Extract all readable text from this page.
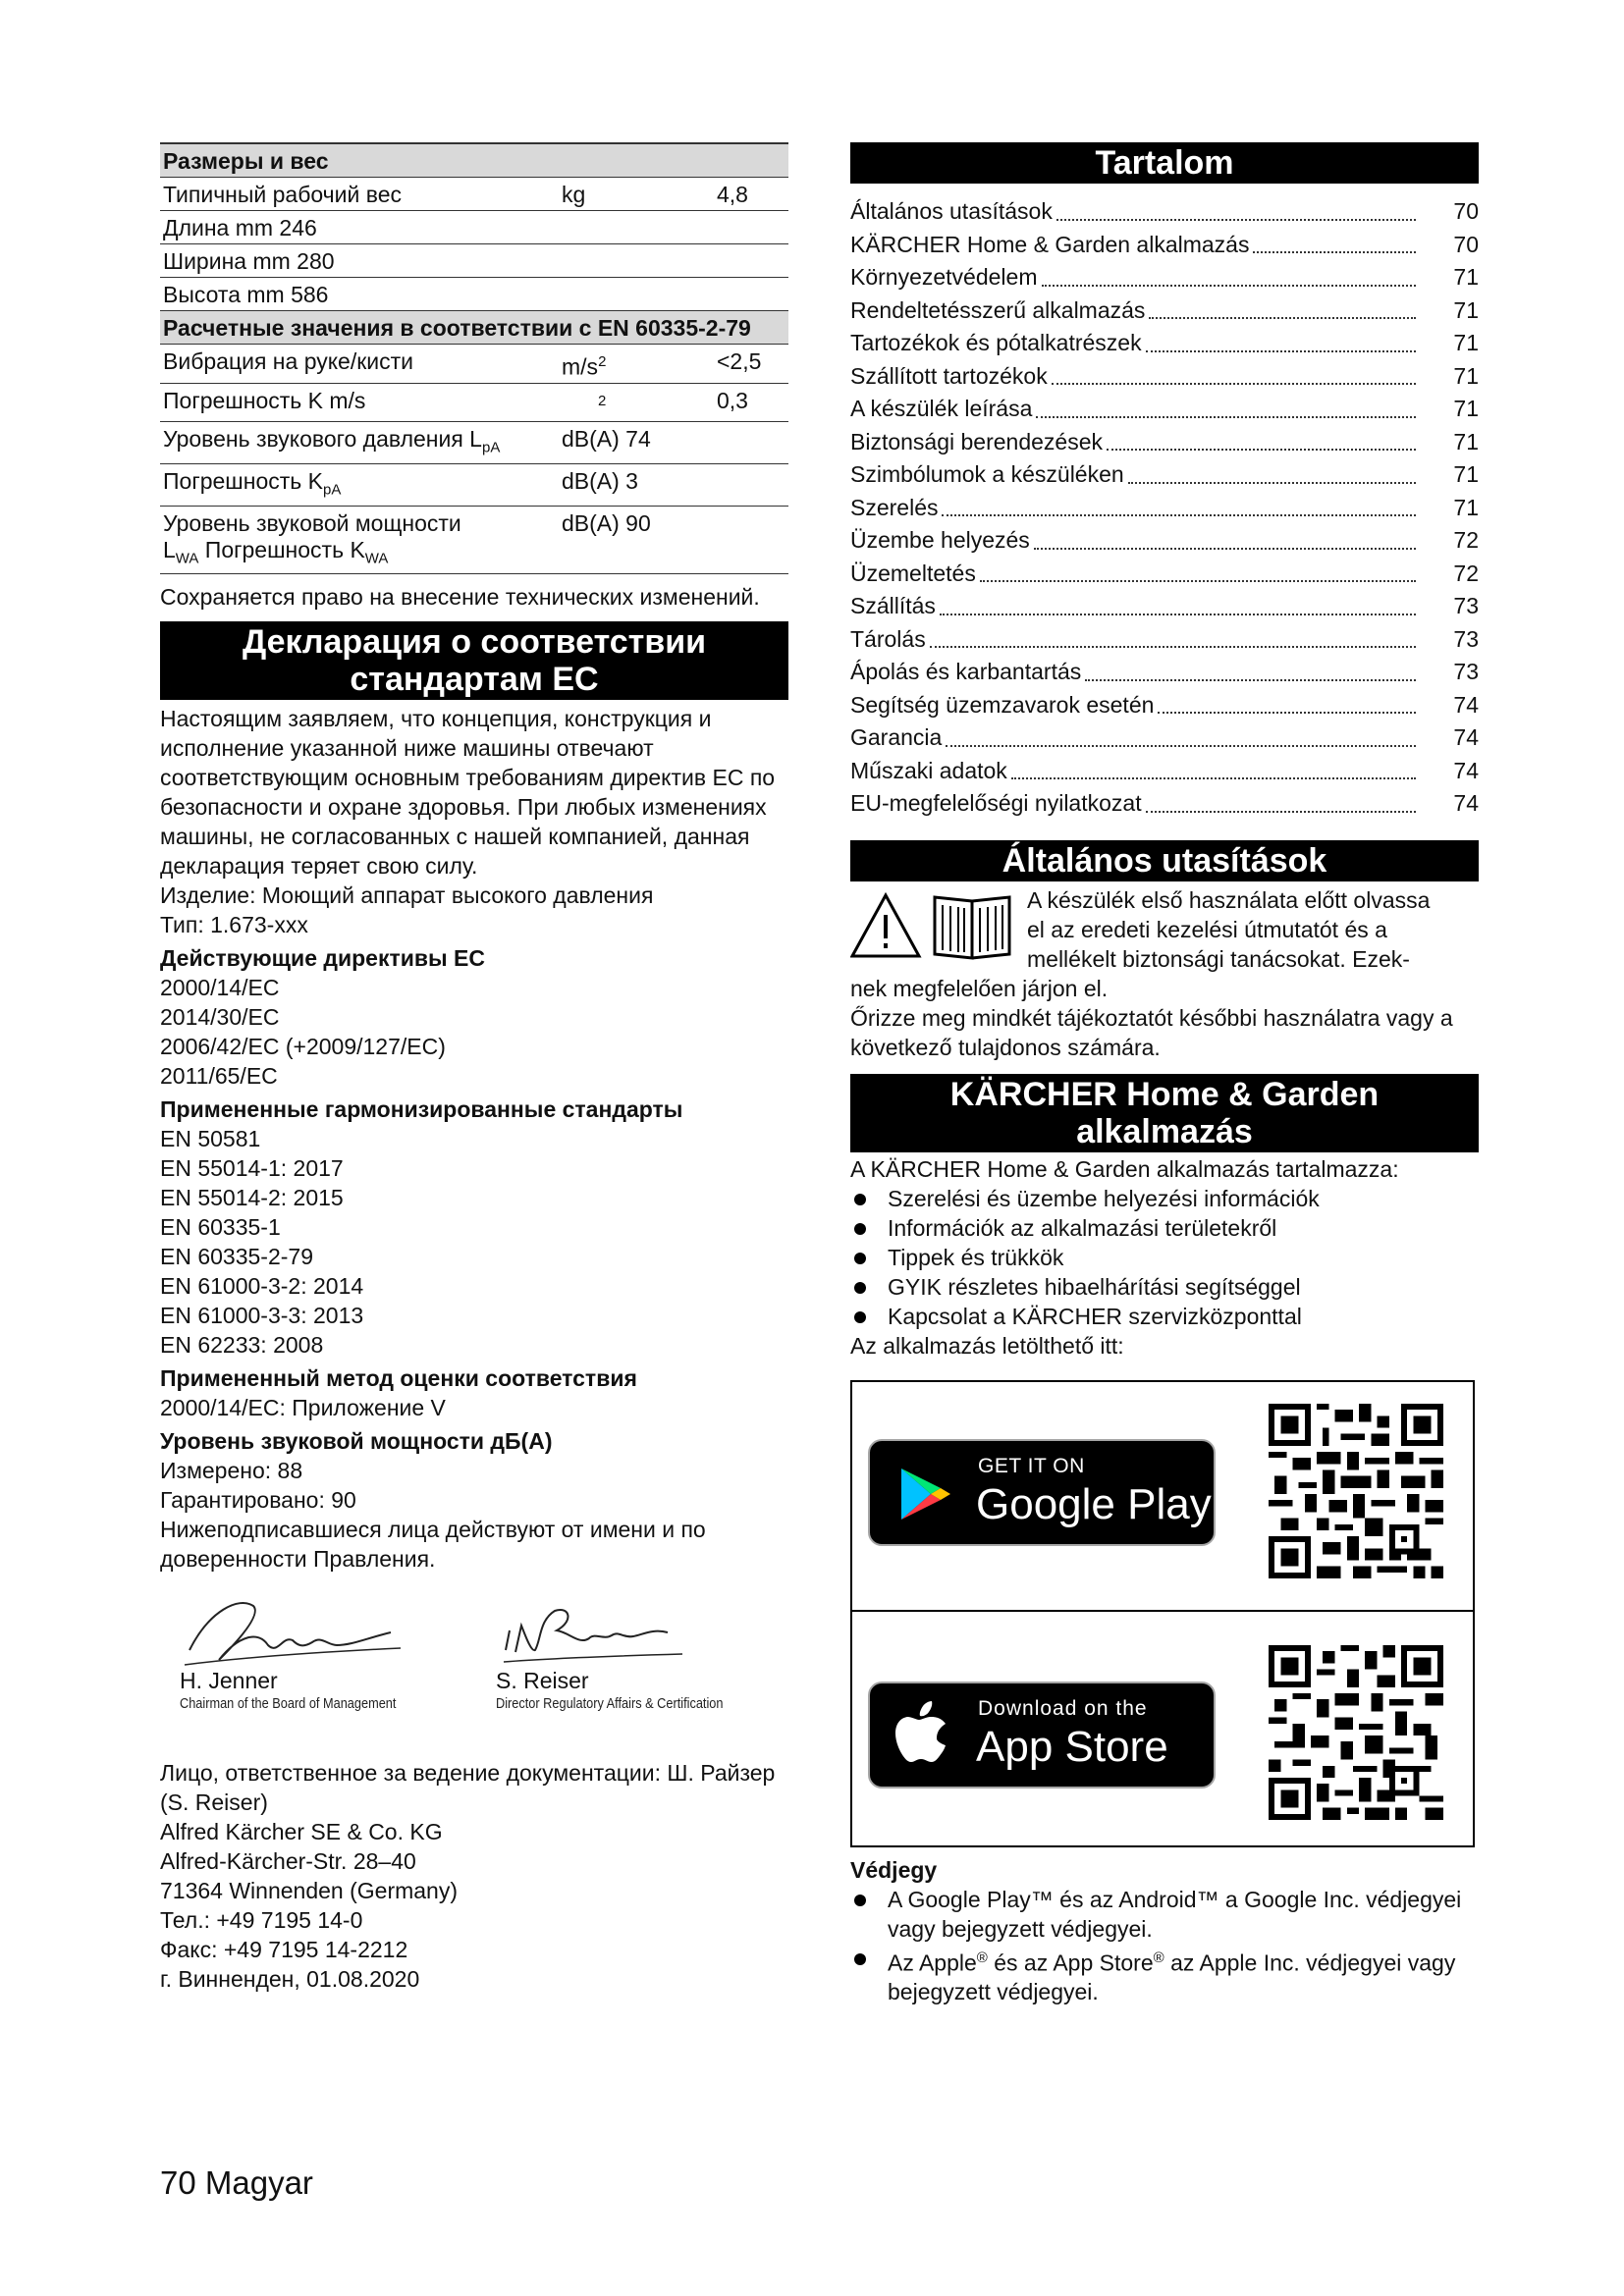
Размеры и вес		
Типичный рабочий вес	kg	4,8
Длина mm 246		
Ширина mm 280		
Высота mm 586		
Расчетные значения в соответствии с EN 60335-2-79		
Вибрация на руке/кисти	$m/s^2$	<2,5
Погрешность K m/s	$^2$	0,3
Уровень звукового давления $L_{pA}$	dB(A) 74	
Погрешность $K_{pA}$	dB(A) 3	
Уровень звуковой мощности
$L_{WA}$ Погрешность $K_{WA}$	dB(A) 90	

Сохраняется право на внесение технических изменений.

Декларация о соответствии
стандартам ЕС

Настоящим заявляем, что концепция, конструкция и исполнение указанной ниже машины отвечают соответствующим основным требованиям директив ЕС по безопасности и охране здоровья. При любых изменениях машины, не согласованных с нашей компанией, данная декларация теряет свою силу.

Изделие: Моющий аппарат высокого давления

Тип: 1.673-xxx

Действующие директивы ЕС
2000/14/EC
2014/30/EC
2006/42/EC (+2009/127/EC)
2011/65/EC
Примененные гармонизированные стандарты
EN 50581
EN 55014-1: 2017
EN 55014-2: 2015
EN 60335-1
EN 60335-2-79
EN 61000-3-2: 2014
EN 61000-3-3: 2013
EN 62233: 2008
Примененный метод оценки соответствия
2000/14/EC: Приложение V
Уровень звуковой мощности дБ(А)
Измерено: 88
Гарантировано: 90

Нижеподписавшиеся лица действуют от имени и по доверенности Правления.

H. Jenner
Chairman of the Board of Management
S. Reiser
Director Regulatory Affairs & Certification
Лицо, ответственное за ведение документации: Ш. Райзер (S. Reiser)
Alfred Kärcher SE & Co. KG
Alfred-Kärcher-Str. 28–40
71364 Winnenden (Germany)
Тел.: +49 7195 14-0
Факс: +49 7195 14-2212
г. Винненден, 01.08.2020
Tartalom
Általános utasítások	70
KÄRCHER Home & Garden alkalmazás	70
Környezetvédelem	71
Rendeltetésszerű alkalmazás	71
Tartozékok és pótalkatrészek	71
Szállított tartozékok	71
A készülék leírása	71
Biztonsági berendezések	71
Szimbólumok a készüléken	71
Szerelés	71
Üzembe helyezés	72
Üzemeltetés	72
Szállítás	73
Tárolás	73
Ápolás és karbantartás	73
Segítség üzemzavarok esetén	74
Garancia	74
Műszaki adatok	74
EU-megfelelőségi nyilatkozat	74
Általános utasítások
A készülék első használata előtt olvassa
el az eredeti kezelési útmutatót és a
mellékelt biztonsági tanácsokat. Ezek-
nek megfelelően járjon el.
Őrizze meg mindkét tájékoztatót későbbi használatra vagy a következő tulajdonos számára.
KÄRCHER Home & Garden
alkalmazás
A KÄRCHER Home & Garden alkalmazás tartalmazza:
Szerelési és üzembe helyezési információk
Információk az alkalmazási területekről
Tippek és trükkök
GYIK részletes hibaelhárítási segítséggel
Kapcsolat a KÄRCHER szervizközponttal
Az alkalmazás letölthető itt:
GET IT ON
Google Play
Download on the
App Store
Védjegy
A Google Play™ és az Android™ a Google Inc. védjegyei vagy bejegyzett védjegyei.
Az Apple® és az App Store® az Apple Inc. védjegyei vagy bejegyzett védjegyei.
70 Magyar
